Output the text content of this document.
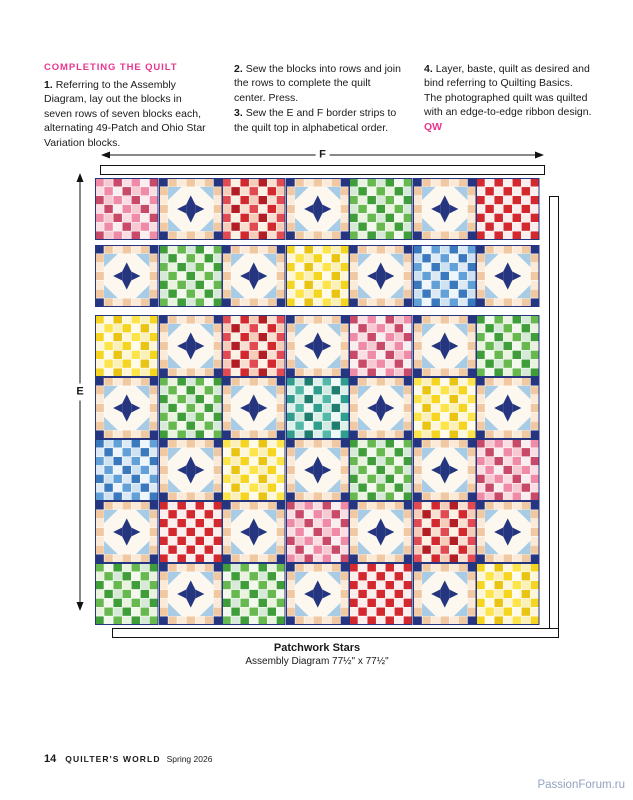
COMPLETING THE QUILT

1. Referring to the Assembly Diagram, lay out the blocks in seven rows of seven blocks each, alternating 49-Patch and Ohio Star Variation blocks.

2. Sew the blocks into rows and join the rows to complete the quilt center. Press.

3. Sew the E and F border strips to the quilt top in alphabetical order.

4. Layer, baste, quilt as desired and bind referring to Quilting Basics. The photographed quilt was quilted with an edge-to-edge ribbon design. QW

F
E
Patchwork Stars
Assembly Diagram 77½" x 77½"
14 QUILTER'S WORLD Spring 2026
PassionForum.ru
